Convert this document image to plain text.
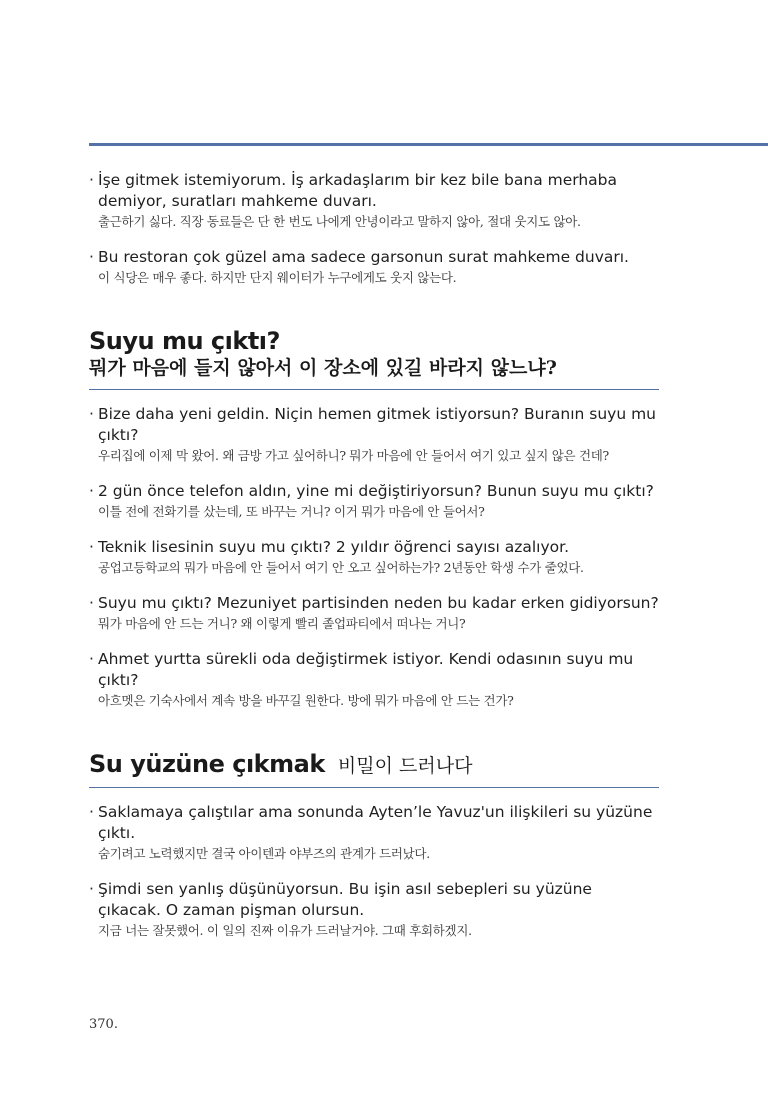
· İşe gitmek istemiyorum. İş arkadaşlarım bir kez bile bana merhaba demiyor, suratları mahkeme duvarı.
출근하기 싫다. 직장 동료들은 단 한 번도 나에게 안녕이라고 말하지 않아, 절대 웃지도 않아.
· Bu restoran çok güzel ama sadece garsonun surat mahkeme duvarı.
이 식당은 매우 좋다. 하지만 단지 웨이터가 누구에게도 웃지 않는다.
Suyu mu çıktı?
뭐가 마음에 들지 않아서 이 장소에 있길 바라지 않느냐?
· Bize daha yeni geldin. Niçin hemen gitmek istiyorsun? Buranın suyu mu çıktı?
우리집에 이제 막 왔어. 왜 금방 가고 싶어하니? 뭐가 마음에 안 들어서 여기 있고 싶지 않은 건데?
· 2 gün önce telefon aldın, yine mi değiştiriyorsun? Bunun suyu mu çıktı?
이틀 전에 전화기를 샀는데, 또 바꾸는 거니? 이거 뭐가 마음에 안 들어서?
· Teknik lisesinin suyu mu çıktı? 2 yıldır öğrenci sayısı azalıyor.
공업고등학교의 뭐가 마음에 안 들어서 여기 안 오고 싶어하는가? 2년동안 학생 수가 줄었다.
· Suyu mu çıktı? Mezuniyet partisinden neden bu kadar erken gidiyorsun?
뭐가 마음에 안 드는 거니? 왜 이렇게 빨리 졸업파티에서 떠나는 거니?
· Ahmet yurtta sürekli oda değiştirmek istiyor. Kendi odasının suyu mu çıktı?
아흐멧은 기숙사에서 계속 방을 바꾸길 원한다. 방에 뭐가 마음에 안 드는 건가?
Su yüzüne çıkmak 비밀이 드러나다
· Saklamaya çalıştılar ama sonunda Ayten’le Yavuz'un ilişkileri su yüzüne çıktı.
숨기려고 노력했지만 결국 아이텐과 야부즈의 관계가 드러났다.
· Şimdi sen yanlış düşünüyorsun. Bu işin asıl sebepleri su yüzüne çıkacak. O zaman pişman olursun.
지금 너는 잘못했어. 이 일의 진짜 이유가 드러날거야. 그때 후회하겠지.
370.
